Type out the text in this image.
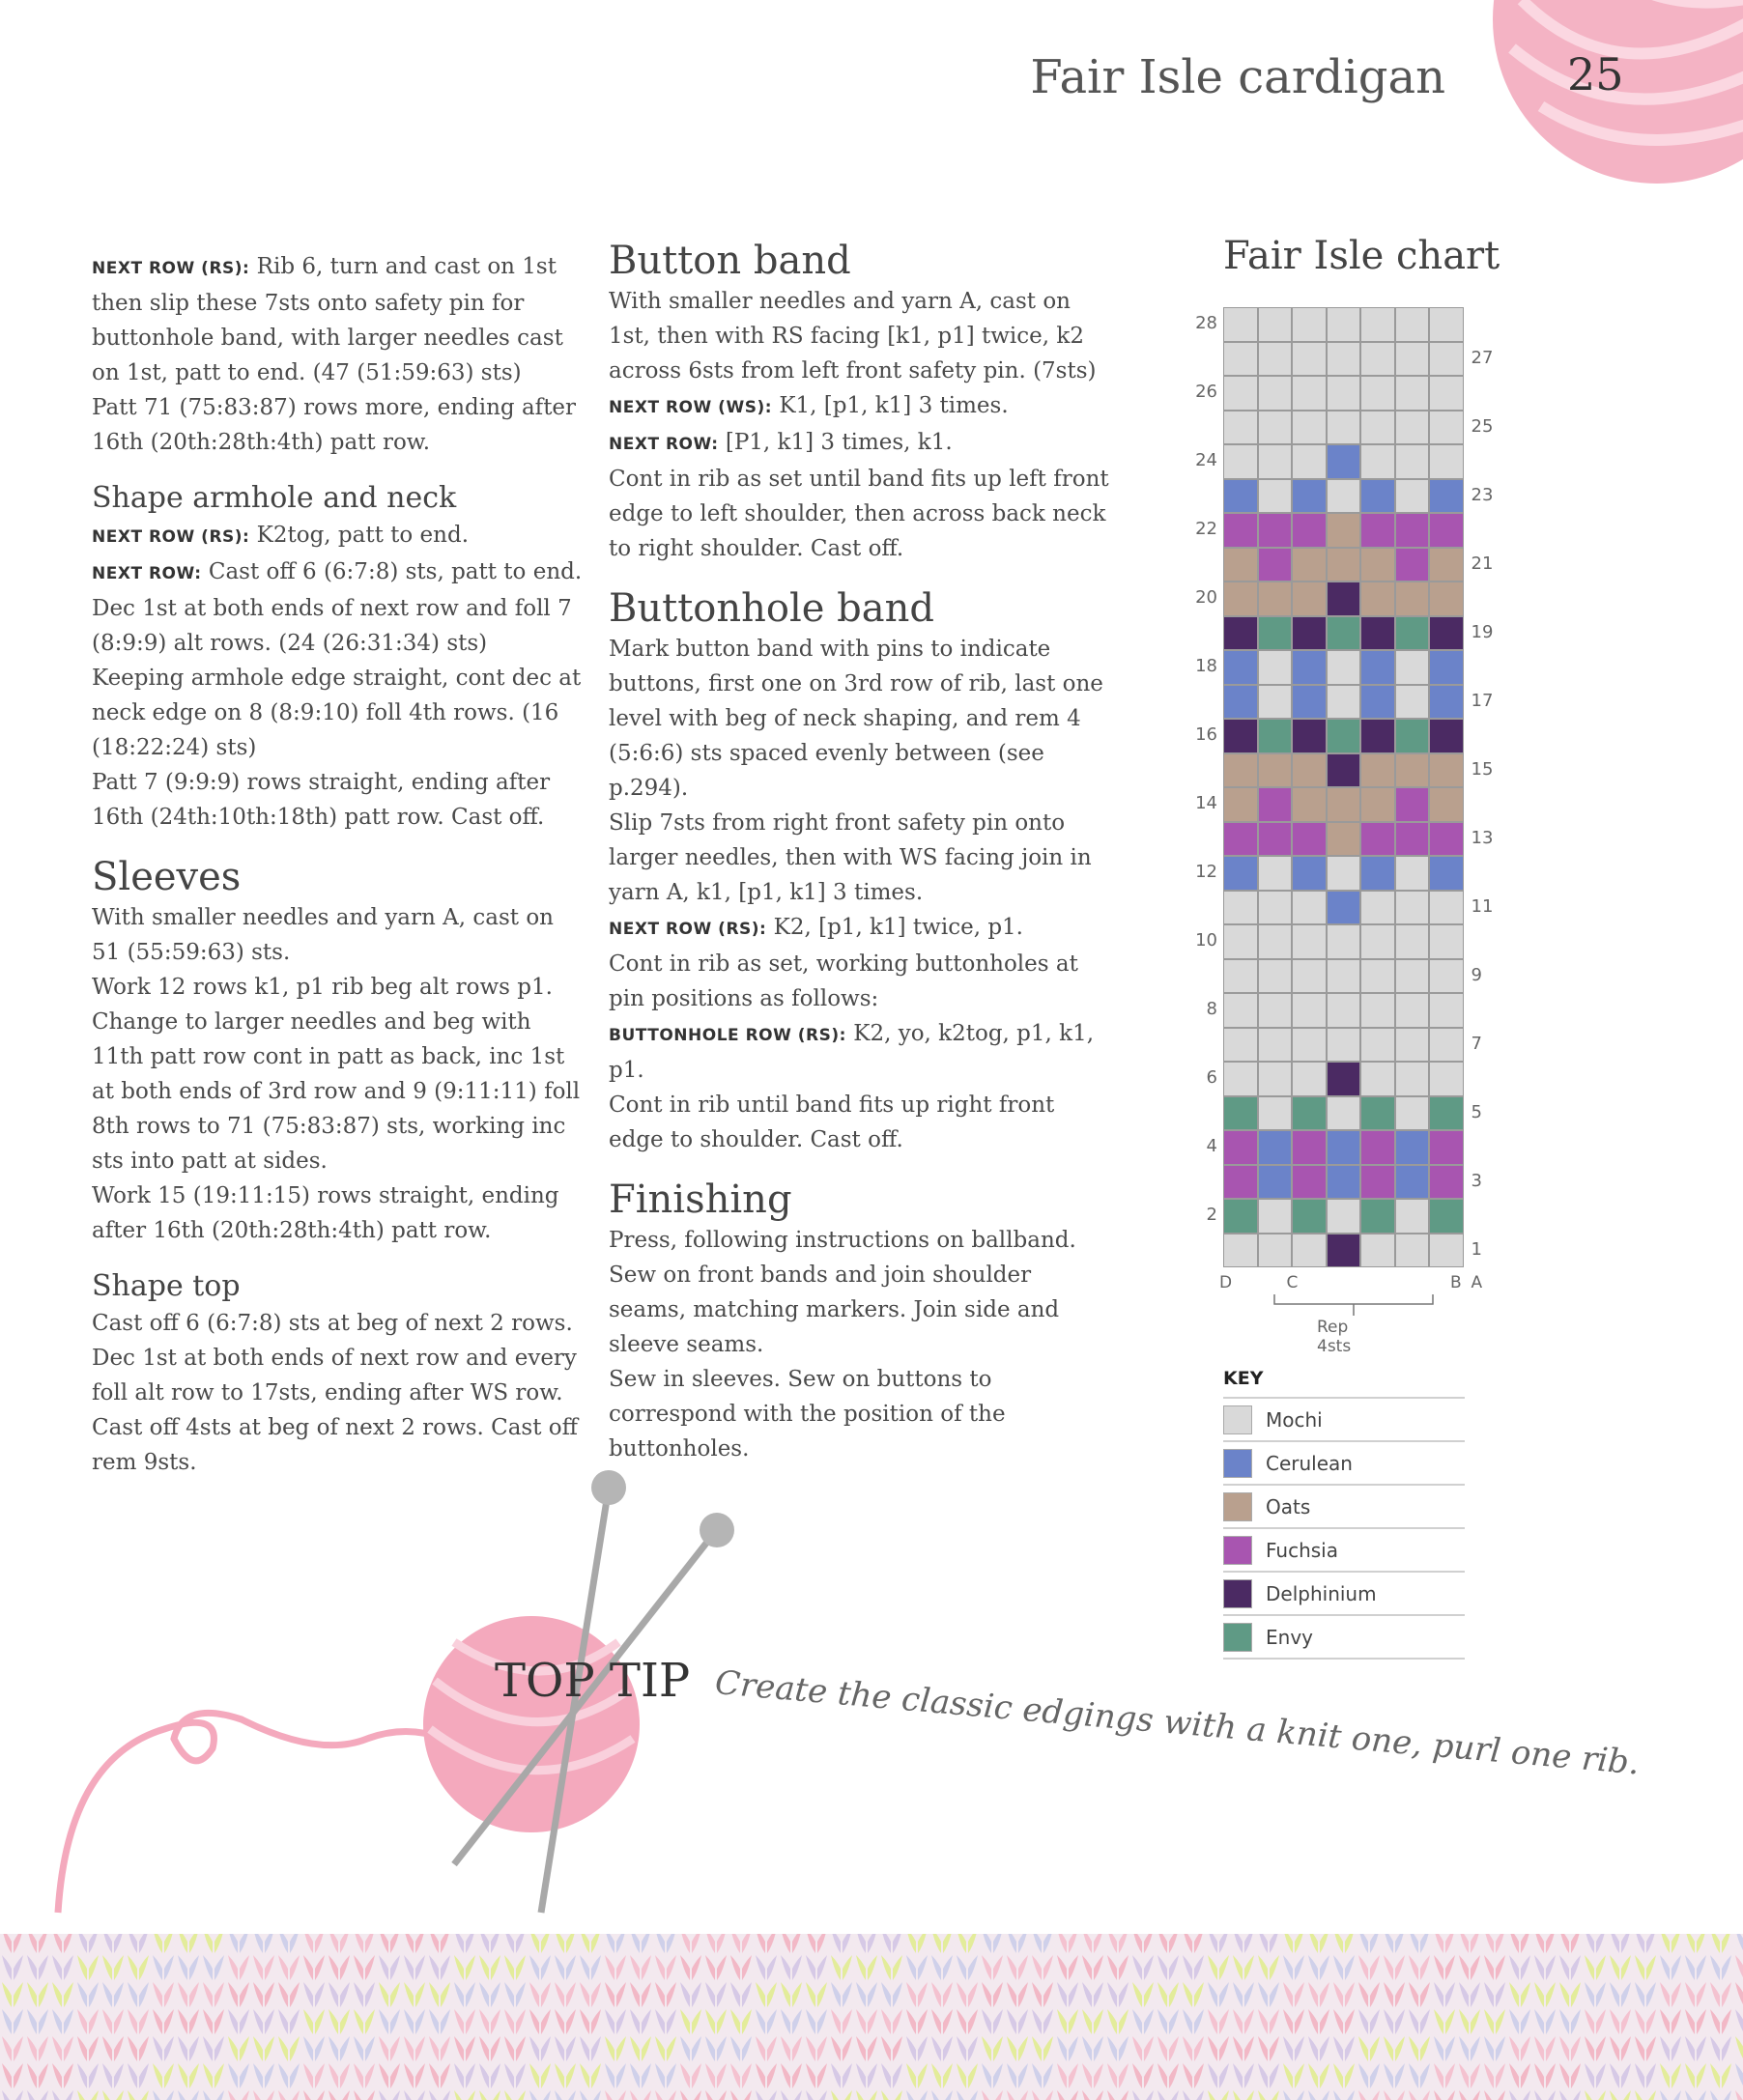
Fair Isle cardigan	25

NEXT ROW (RS): Rib 6, turn and cast on 1st then slip these 7sts onto safety pin for buttonhole band, with larger needles cast on 1st, patt to end. (47 (51:59:63) sts)

Patt 71 (75:83:87) rows more, ending after 16th (20th:28th:4th) patt row.

Shape armhole and neck

NEXT ROW (RS): K2tog, patt to end.

NEXT ROW: Cast off 6 (6:7:8) sts, patt to end.

Dec 1st at both ends of next row and foll 7 (8:9:9) alt rows. (24 (26:31:34) sts)

Keeping armhole edge straight, cont dec at neck edge on 8 (8:9:10) foll 4th rows. (16 (18:22:24) sts)

Patt 7 (9:9:9) rows straight, ending after 16th (24th:10th:18th) patt row. Cast off.

Sleeves

With smaller needles and yarn A, cast on 51 (55:59:63) sts.

Work 12 rows k1, p1 rib beg alt rows p1.

Change to larger needles and beg with 11th patt row cont in patt as back, inc 1st at both ends of 3rd row and 9 (9:11:11) foll 8th rows to 71 (75:83:87) sts, working inc sts into patt at sides.

Work 15 (19:11:15) rows straight, ending after 16th (20th:28th:4th) patt row.

Shape top

Cast off 6 (6:7:8) sts at beg of next 2 rows.

Dec 1st at both ends of next row and every foll alt row to 17sts, ending after WS row.

Cast off 4sts at beg of next 2 rows. Cast off rem 9sts.

Button band

With smaller needles and yarn A, cast on 1st, then with RS facing [k1, p1] twice, k2 across 6sts from left front safety pin. (7sts)

NEXT ROW (WS): K1, [p1, k1] 3 times.

NEXT ROW: [P1, k1] 3 times, k1.

Cont in rib as set until band fits up left front edge to left shoulder, then across back neck to right shoulder. Cast off.

Buttonhole band

Mark button band with pins to indicate buttons, first one on 3rd row of rib, last one level with beg of neck shaping, and rem 4 (5:6:6) sts spaced evenly between (see p.294).

Slip 7sts from right front safety pin onto larger needles, then with WS facing join in yarn A, k1, [p1, k1] 3 times.

NEXT ROW (RS): K2, [p1, k1] twice, p1.

Cont in rib as set, working buttonholes at pin positions as follows:

BUTTONHOLE ROW (RS): K2, yo, k2tog, p1, k1, p1.

Cont in rib until band fits up right front edge to shoulder. Cast off.

Finishing

Press, following instructions on ballband.

Sew on front bands and join shoulder seams, matching markers. Join side and sleeve seams.

Sew in sleeves. Sew on buttons to correspond with the position of the buttonholes.

Fair Isle chart
28
27
26
25
24
23
22
21
20
19
18
17
16
15
14
13
12
11
10
9
8
7
6
5
4
3
2
1
D	C	B A
Rep 4sts
KEY
Mochi
Cerulean
Oats
Fuchsia
Delphinium
Envy
TOP TIP Create the classic edgings with a knit one, purl one rib.
